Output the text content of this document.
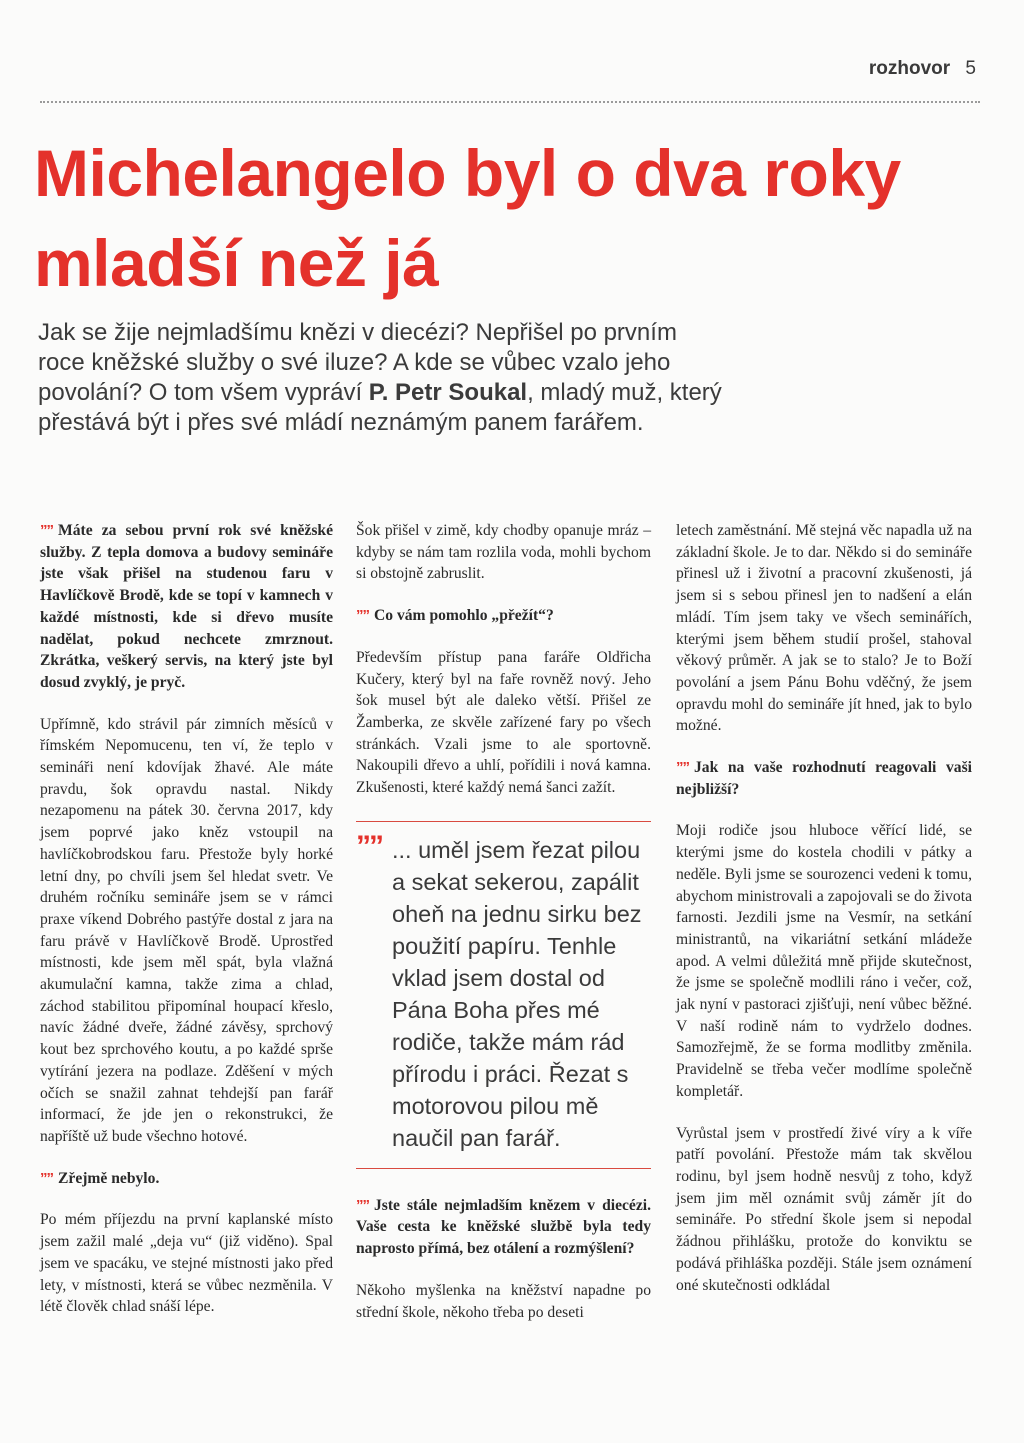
rozhovor 5
Michelangelo byl o dva roky mladší než já

Jak se žije nejmladšímu knězi v diecézi? Nepřišel po prvním roce kněžské služby o své iluze? A kde se vůbec vzalo jeho povolání? O tom všem vypráví P. Petr Soukal, mladý muž, který přestává být i přes své mládí neznámým panem farářem.

”” Máte za sebou první rok své kněžské služby. Z tepla domova a budovy semináře jste však přišel na studenou faru v Havlíčkově Brodě, kde se topí v kamnech v každé místnosti, kde si dřevo musíte nadělat, pokud nechcete zmrznout. Zkrátka, veškerý servis, na který jste byl dosud zvyklý, je pryč.

Upřímně, kdo strávil pár zimních měsíců v římském Nepomucenu, ten ví, že teplo v semináři není kdovíjak žhavé. Ale máte pravdu, šok opravdu nastal. Nikdy nezapomenu na pátek 30. června 2017, kdy jsem poprvé jako kněz vstoupil na havlíčkobrodskou faru. Přestože byly horké letní dny, po chvíli jsem šel hledat svetr. Ve druhém ročníku semináře jsem se v rámci praxe víkend Dobrého pastýře dostal z jara na faru právě v Havlíčkově Brodě. Uprostřed místnosti, kde jsem měl spát, byla vlažná akumulační kamna, takže zima a chlad, záchod stabilitou připomínal houpací křeslo, navíc žádné dveře, žádné závěsy, sprchový kout bez sprchového koutu, a po každé sprše vytírání jezera na podlaze. Zděšení v mých očích se snažil zahnat tehdejší pan farář informací, že jde jen o rekonstrukci, že napříště už bude všechno hotové.

”” Zřejmě nebylo.

Po mém příjezdu na první kaplanské místo jsem zažil malé „deja vu“ (již viděno). Spal jsem ve spacáku, ve stejné místnosti jako před lety, v místnosti, která se vůbec nezměnila. V létě člověk chlad snáší lépe.

Šok přišel v zimě, kdy chodby opanuje mráz – kdyby se nám tam rozlila voda, mohli bychom si obstojně zabruslit.

”” Co vám pomohlo „přežít“?

Především přístup pana faráře Oldřicha Kučery, který byl na faře rovněž nový. Jeho šok musel být ale daleko větší. Přišel ze Žamberka, ze skvěle zařízené fary po všech stránkách. Vzali jsme to ale sportovně. Nakoupili dřevo a uhlí, pořídili i nová kamna. Zkušenosti, které každý nemá šanci zažít.

”” ... uměl jsem řezat pilou a sekat sekerou, zapálit oheň na jednu sirku bez použití papíru. Tenhle vklad jsem dostal od Pána Boha přes mé rodiče, takže mám rád přírodu i práci. Řezat s motorovou pilou mě naučil pan farář.

”” Jste stále nejmladším knězem v diecézi. Vaše cesta ke kněžské službě byla tedy naprosto přímá, bez otálení a rozmýšlení?

Někoho myšlenka na kněžství napadne po střední škole, někoho třeba po deseti

letech zaměstnání. Mě stejná věc napadla už na základní škole. Je to dar. Někdo si do semináře přinesl už i životní a pracovní zkušenosti, já jsem si s sebou přinesl jen to nadšení a elán mládí. Tím jsem taky ve všech seminářích, kterými jsem během studií prošel, stahoval věkový průměr. A jak se to stalo? Je to Boží povolání a jsem Pánu Bohu vděčný, že jsem opravdu mohl do semináře jít hned, jak to bylo možné.

”” Jak na vaše rozhodnutí reagovali vaši nejbližší?

Moji rodiče jsou hluboce věřící lidé, se kterými jsme do kostela chodili v pátky a neděle. Byli jsme se sourozenci vedeni k tomu, abychom ministrovali a zapojovali se do života farnosti. Jezdili jsme na Vesmír, na setkání ministrantů, na vikariátní setkání mládeže apod. A velmi důležitá mně přijde skutečnost, že jsme se společně modlili ráno i večer, což, jak nyní v pastoraci zjišťuji, není vůbec běžné. V naší rodině nám to vydrželo dodnes. Samozřejmě, že se forma modlitby změnila. Pravidelně se třeba večer modlíme společně kompletář.

Vyrůstal jsem v prostředí živé víry a k víře patří povolání. Přestože mám tak skvělou rodinu, byl jsem hodně nesvůj z toho, když jsem jim měl oznámit svůj záměr jít do semináře. Po střední škole jsem si nepodal žádnou přihlášku, protože do konviktu se podává přihláška později. Stále jsem oznámení oné skutečnosti odkládal
